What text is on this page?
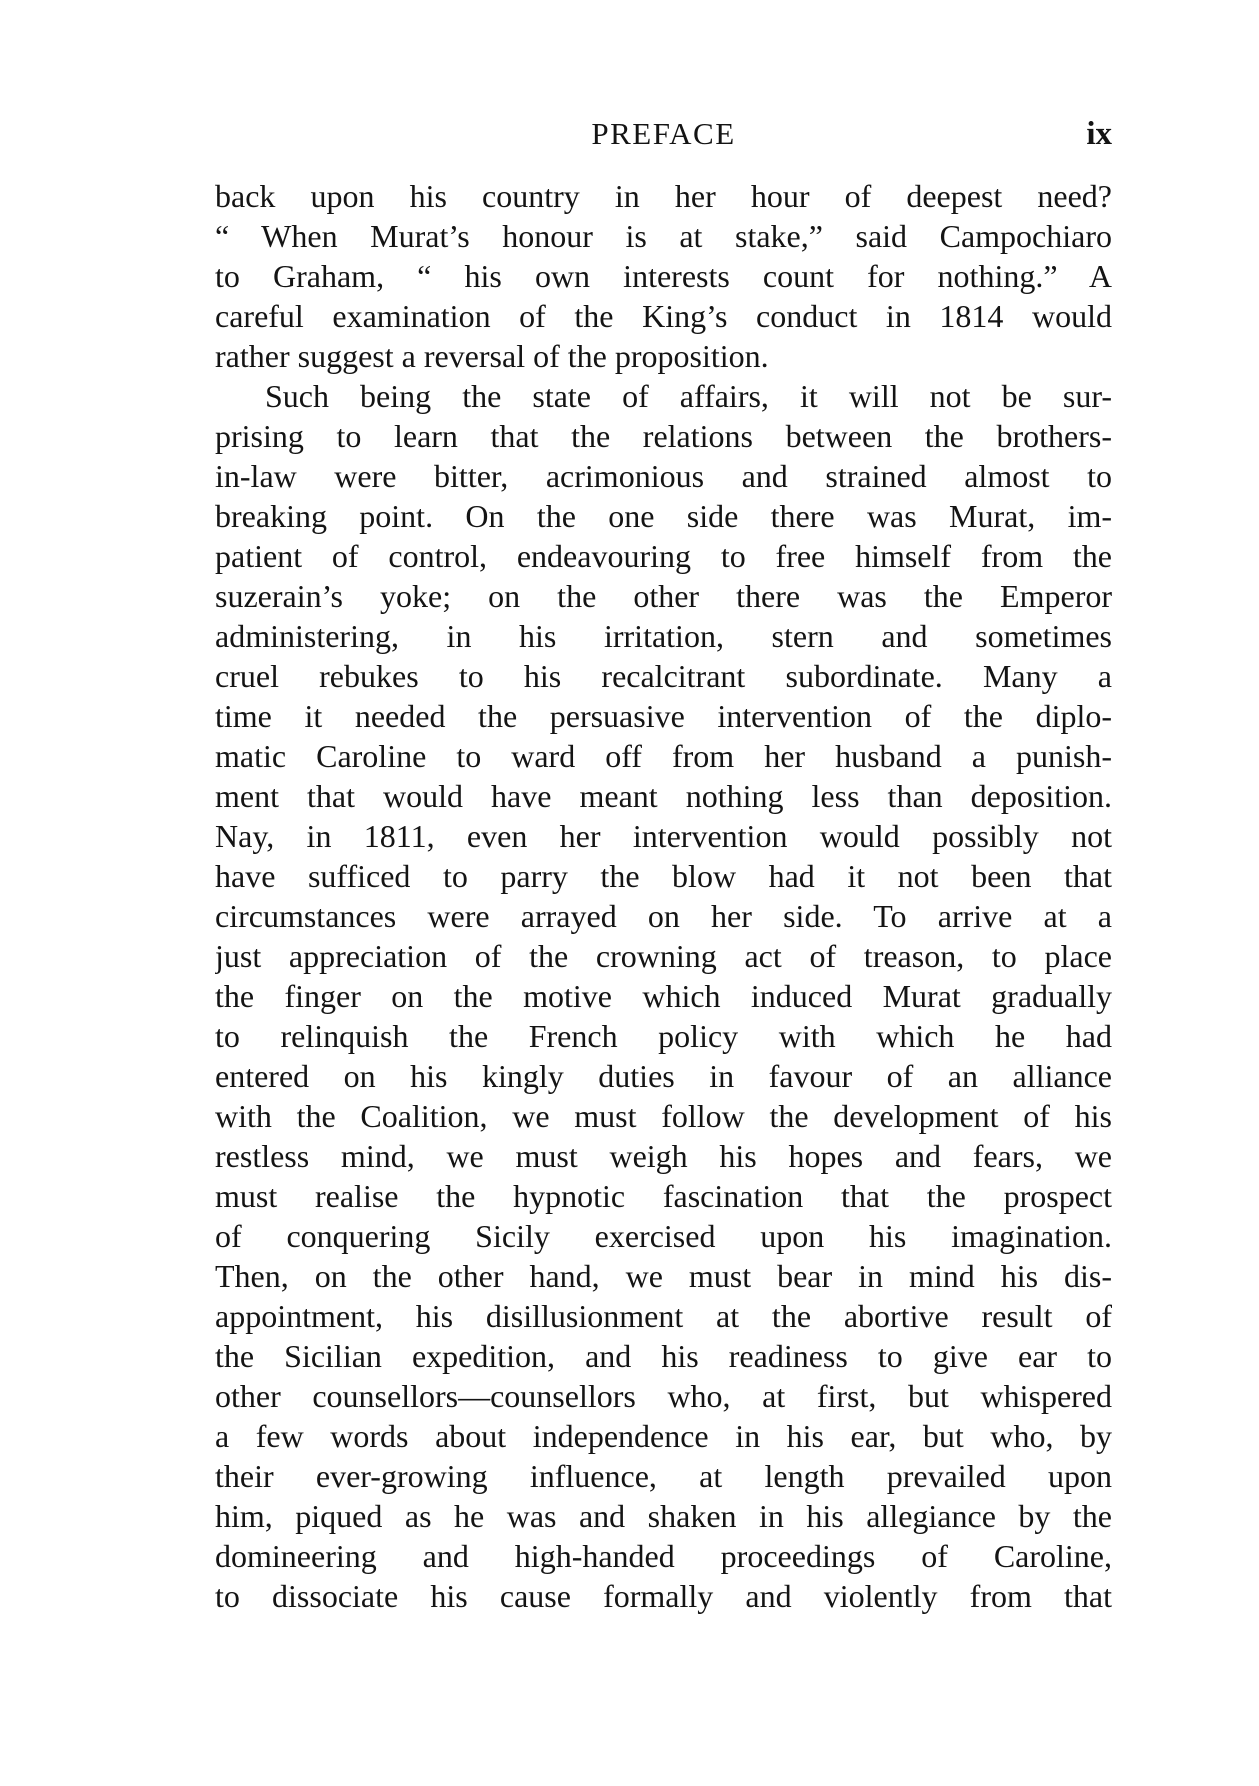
PREFACE	ix
back upon his country in her hour of deepest need?
“ When Murat’s honour is at stake,” said Campochiaro
to Graham, “ his own interests count for nothing.” A
careful examination of the King’s conduct in 1814 would
rather suggest a reversal of the proposition.
Such being the state of affairs, it will not be sur-
prising to learn that the relations between the brothers-
in-law were bitter, acrimonious and strained almost to
breaking point. On the one side there was Murat, im-
patient of control, endeavouring to free himself from the
suzerain’s yoke; on the other there was the Emperor
administering, in his irritation, stern and sometimes
cruel rebukes to his recalcitrant subordinate. Many a
time it needed the persuasive intervention of the diplo-
matic Caroline to ward off from her husband a punish-
ment that would have meant nothing less than deposition.
Nay, in 1811, even her intervention would possibly not
have sufficed to parry the blow had it not been that
circumstances were arrayed on her side. To arrive at a
just appreciation of the crowning act of treason, to place
the finger on the motive which induced Murat gradually
to relinquish the French policy with which he had
entered on his kingly duties in favour of an alliance
with the Coalition, we must follow the development of his
restless mind, we must weigh his hopes and fears, we
must realise the hypnotic fascination that the prospect
of conquering Sicily exercised upon his imagination.
Then, on the other hand, we must bear in mind his dis-
appointment, his disillusionment at the abortive result of
the Sicilian expedition, and his readiness to give ear to
other counsellors—counsellors who, at first, but whispered
a few words about independence in his ear, but who, by
their ever-growing influence, at length prevailed upon
him, piqued as he was and shaken in his allegiance by the
domineering and high-handed proceedings of Caroline,
to dissociate his cause formally and violently from that
